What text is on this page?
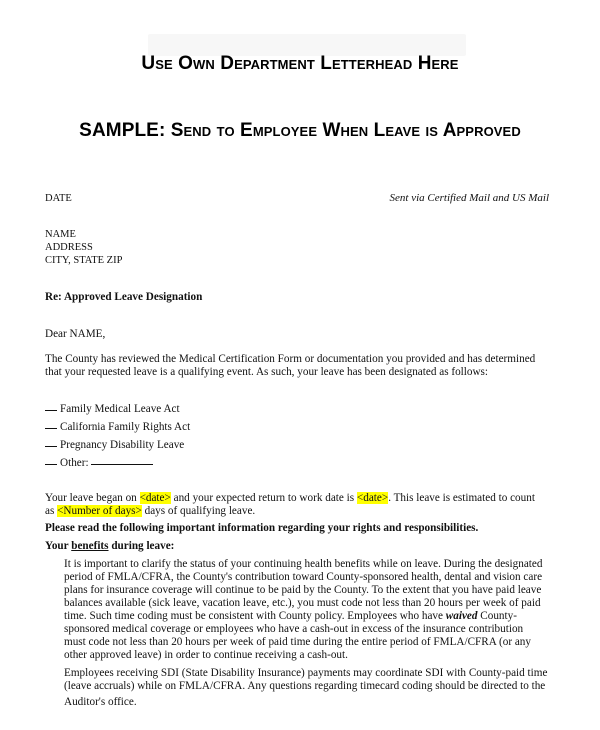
Use Own Department Letterhead Here
SAMPLE: Send to Employee When Leave is Approved
DATE	Sent via Certified Mail and US Mail
NAME
ADDRESS
CITY, STATE ZIP
Re: Approved Leave Designation
Dear NAME,
The County has reviewed the Medical Certification Form or documentation you provided and has determined
that your requested leave is a qualifying event. As such, your leave has been designated as follows:
Family Medical Leave Act
California Family Rights Act
Pregnancy Disability Leave
Other:
Your leave began on <date> and your expected return to work date is <date>. This leave is estimated to count
as <Number of days> days of qualifying leave.
Please read the following important information regarding your rights and responsibilities.
Your benefits during leave:
It is important to clarify the status of your continuing health benefits while on leave. During the designated
period of FMLA/CFRA, the County's contribution toward County-sponsored health, dental and vision care
plans for insurance coverage will continue to be paid by the County. To the extent that you have paid leave
balances available (sick leave, vacation leave, etc.), you must code not less than 20 hours per week of paid
time. Such time coding must be consistent with County policy. Employees who have waived County-
sponsored medical coverage or employees who have a cash-out in excess of the insurance contribution
must code not less than 20 hours per week of paid time during the entire period of FMLA/CFRA (or any
other approved leave) in order to continue receiving a cash-out.
Employees receiving SDI (State Disability Insurance) payments may coordinate SDI with County-paid time
(leave accruals) while on FMLA/CFRA. Any questions regarding timecard coding should be directed to the
Auditor's office.
